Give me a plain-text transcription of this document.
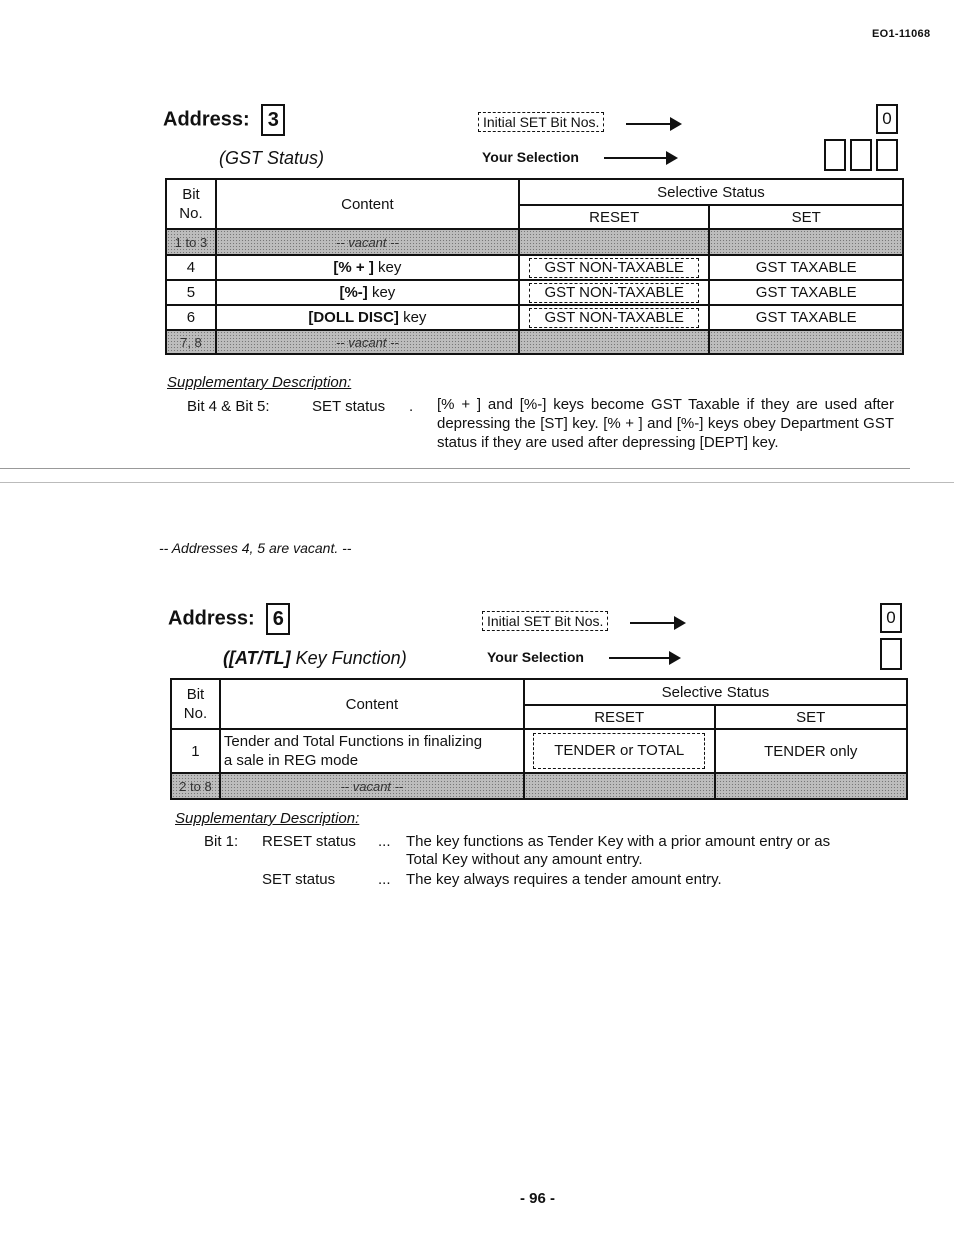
EO1-11068
Address: 3
(GST Status)
Initial SET Bit Nos.
Your Selection
0
Bit
No.	Content	Selective Status	
		RESET	SET
1 to 3	-- vacant --		
4	[% + ] key	GST NON-TAXABLE	GST TAXABLE
5	[%-] key	GST NON-TAXABLE	GST TAXABLE
6	[DOLL DISC] key	GST NON-TAXABLE	GST TAXABLE
7, 8	-- vacant --		
Supplementary Description:
Bit 4 & Bit 5:	SET status . [% + ] and [%-] keys become GST Taxable if they are used after depressing the [ST] key. [% + ] and [%-] keys obey Department GST status if they are used after depressing [DEPT] key.
-- Addresses 4, 5 are vacant. --
Address: 6
([AT/TL] Key Function)
Initial SET Bit Nos.
Your Selection
0
Bit
No.	Content	Selective Status	
		RESET	SET
1	Tender and Total Functions in finalizing
a sale in REG mode	TENDER or TOTAL	TENDER only
2 to 8	-- vacant --		
Supplementary Description:
Bit 1: RESET status ... The key functions as Tender Key with a prior amount entry or as
Total Key without any amount entry.
SET status	... The key always requires a tender amount entry.
- 96 -
